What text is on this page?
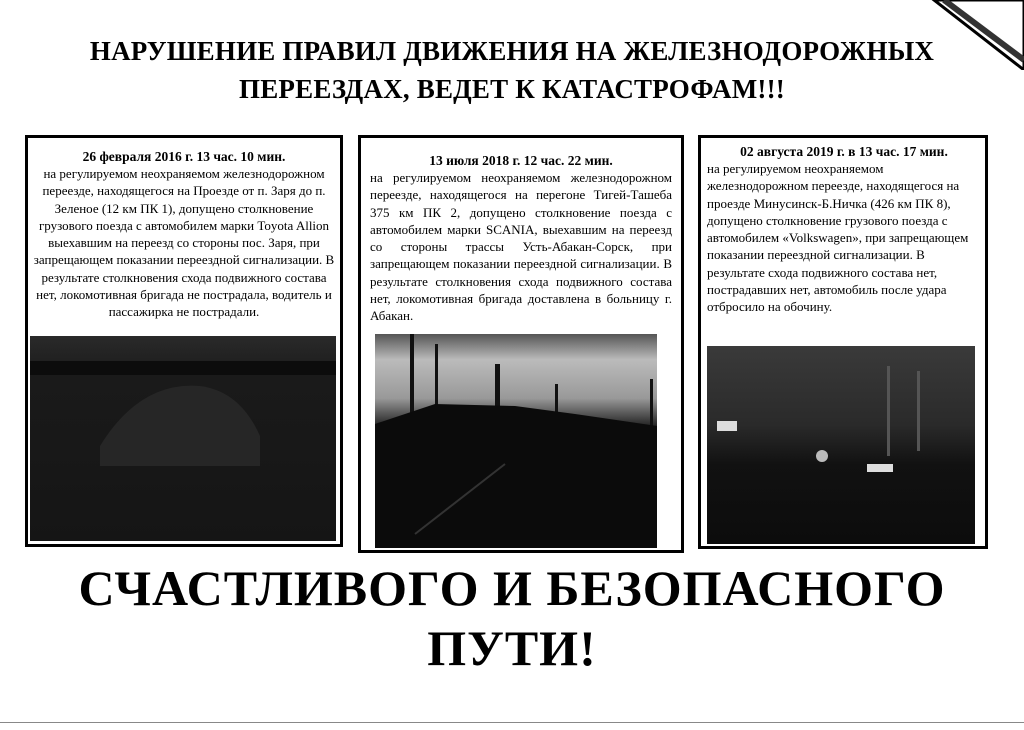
НАРУШЕНИЕ ПРАВИЛ ДВИЖЕНИЯ НА ЖЕЛЕЗНОДОРОЖНЫХ
ПЕРЕЕЗДАХ, ВЕДЕТ К КАТАСТРОФАМ!!!
26 февраля 2016 г. 13 час. 10 мин.
на регулируемом неохраняемом железнодорожном переезде, находящегося на Проезде от п. Заря до п. Зеленое (12 км ПК 1), допущено столкновение грузового поезда с автомобилем марки Toyota Allion выехавшим на переезд со стороны пос. Заря, при запрещающем показании переездной сигнализации. В результате столкновения схода подвижного состава нет, локомотивная бригада не пострадала, водитель и пассажирка не пострадали.
13 июля 2018 г. 12 час. 22 мин.
на регулируемом неохраняемом железнодорожном переезде, находящегося на перегоне Тигей-Ташеба 375 км ПК 2, допущено столкновение поезда с автомобилем марки SCANIA, выехавшим на переезд со стороны трассы Усть-Абакан-Сорск, при запрещающем показании переездной сигнализации. В результате столкновения схода подвижного состава нет, локомотивная бригада доставлена в больницу г. Абакан.
02 августа 2019 г. в 13 час. 17 мин.
на регулируемом неохраняемом железнодорожном переезде, находящегося на проезде Минусинск-Б.Ничка (426 км ПК 8), допущено столкновение грузового поезда с автомобилем «Volkswagen», при запрещающем показании переездной сигнализации. В результате схода подвижного состава нет, пострадавших нет, автомобиль после удара отбросило на обочину.
СЧАСТЛИВОГО И БЕЗОПАСНОГО
ПУТИ!
